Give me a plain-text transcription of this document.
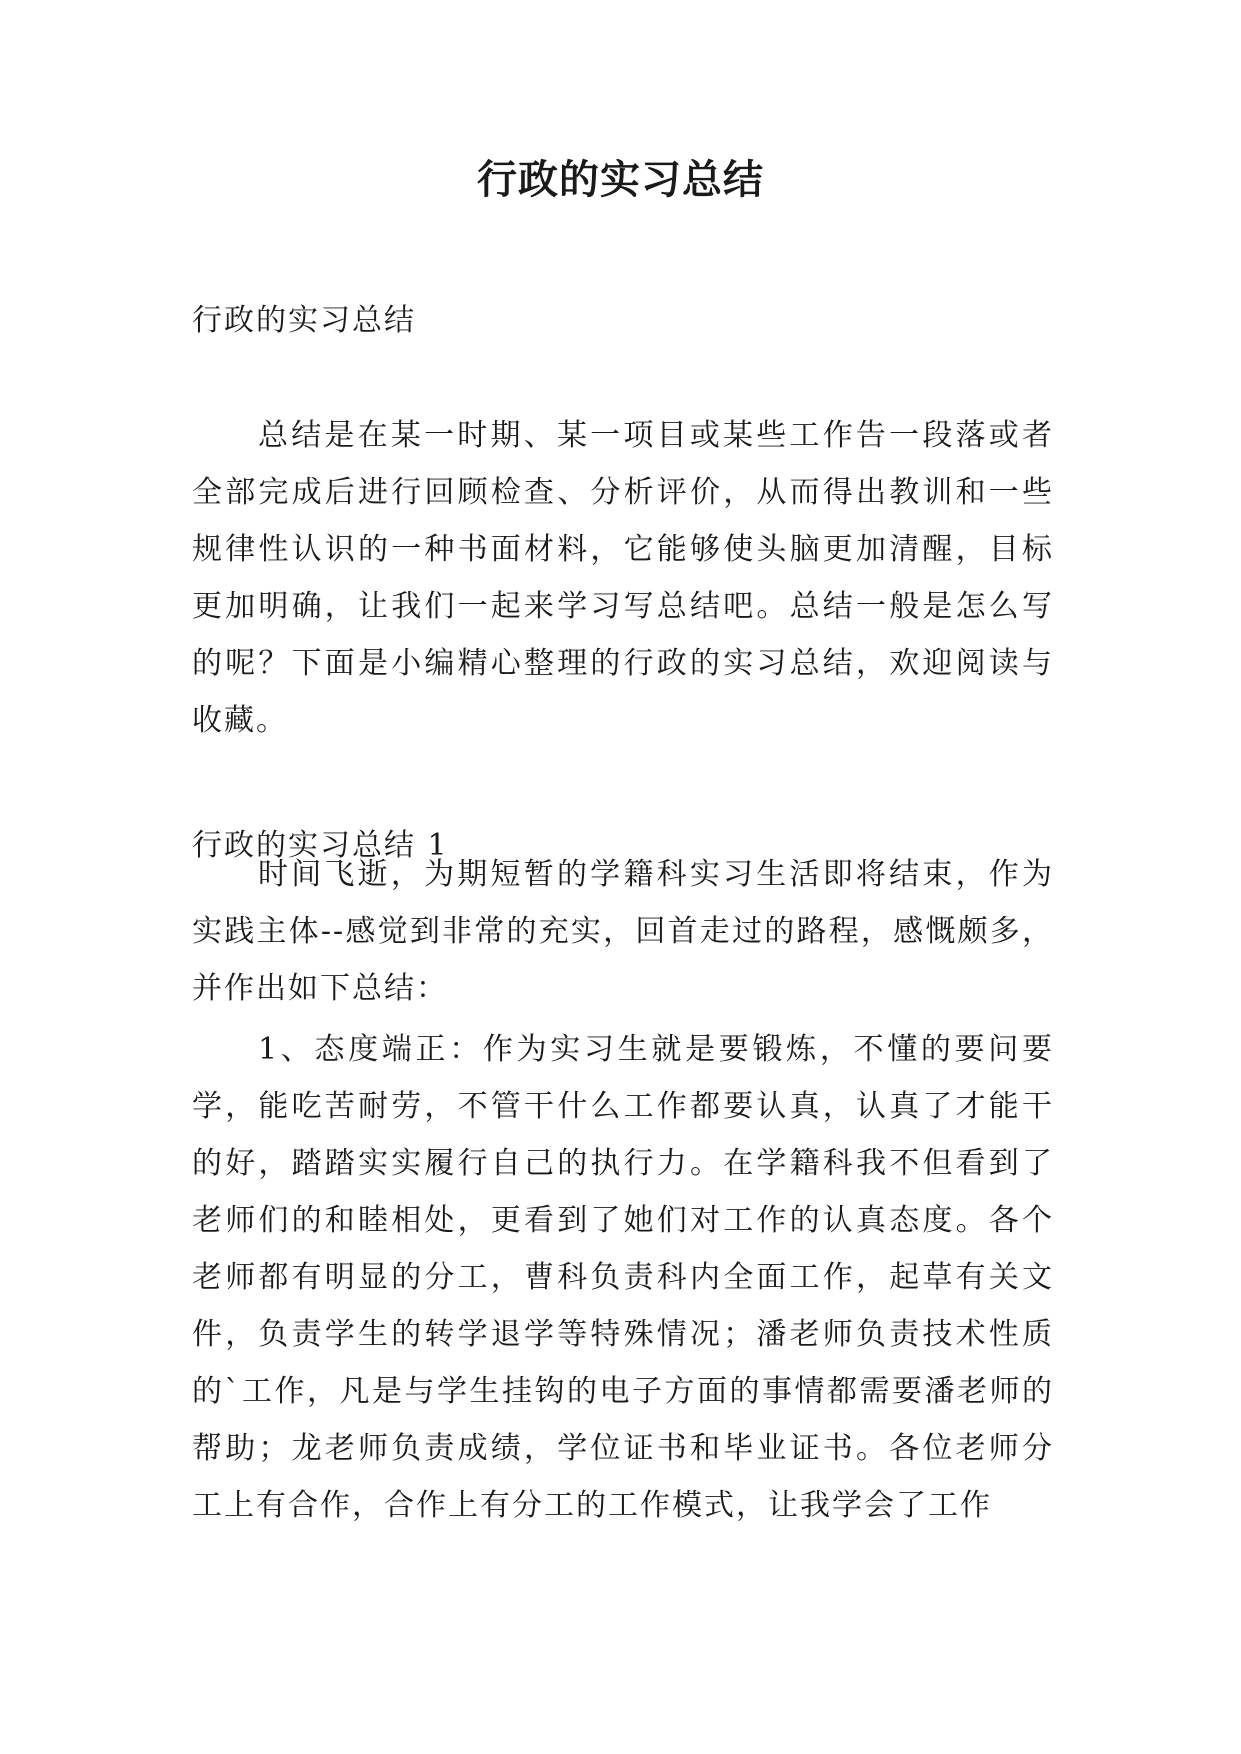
行政的实习总结

行政的实习总结

总结是在某一时期、某一项目或某些工作告一段落或者全部完成后进行回顾检查、分析评价，从而得出教训和一些规律性认识的一种书面材料，它能够使头脑更加清醒，目标更加明确，让我们一起来学习写总结吧。总结一般是怎么写的呢？下面是小编精心整理的行政的实习总结，欢迎阅读与收藏。

行政的实习总结 1

时间飞逝，为期短暂的学籍科实习生活即将结束，作为实践主体--感觉到非常的充实，回首走过的路程，感慨颇多，并作出如下总结：

1、态度端正：作为实习生就是要锻炼，不懂的要问要学，能吃苦耐劳，不管干什么工作都要认真，认真了才能干的好，踏踏实实履行自己的执行力。在学籍科我不但看到了老师们的和睦相处，更看到了她们对工作的认真态度。各个老师都有明显的分工，曹科负责科内全面工作，起草有关文件，负责学生的转学退学等特殊情况；潘老师负责技术性质的`工作，凡是与学生挂钩的电子方面的事情都需要潘老师的帮助；龙老师负责成绩，学位证书和毕业证书。各位老师分工上有合作，合作上有分工的工作模式，让我学会了工作
